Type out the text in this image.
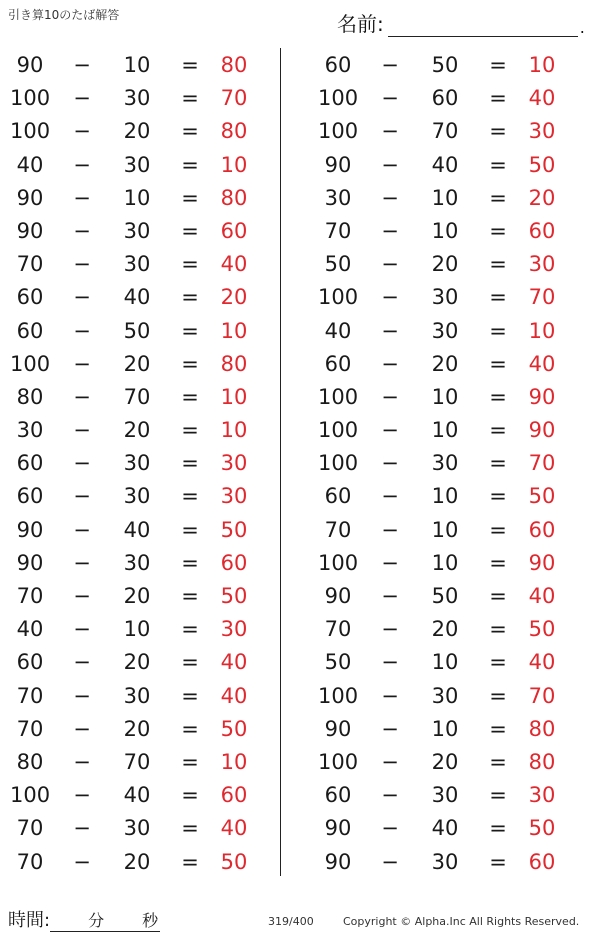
引き算10のたば解答	名前:	.
90	−	10	=	80
100 −	30	=	70
100 −	20	=	80
40	−	30	=	10
90	−	10	=	80
90	−	30	=	60
70	−	30	=	40
60	−	40	=	20
60	−	50	=	10
100 −	20	=	80
80	−	70	=	10
30	−	20	=	10
60	−	30	=	30
60	−	30	=	30
90	−	40	=	50
90	−	30	=	60
70	−	20	=	50
40	−	10	=	30
60	−	20	=	40
70	−	30	=	40
70	−	20	=	50
80	−	70	=	10
100 −	40	=	60
70	−	30	=	40
70	−	20	=	50
60	−	50	=	10
100 −	60	=	40
100 −	70	=	30
90	−	40	=	50
30	−	10	=	20
70	−	10	=	60
50	−	20	=	30
100 −	30	=	70
40	−	30	=	10
60	−	20	=	40
100 −	10	=	90
100 −	10	=	90
100 −	30	=	70
60	−	10	=	50
70	−	10	=	60
100 −	10	=	90
90	−	50	=	40
70	−	20	=	50
50	−	10	=	40
100 −	30	=	70
90	−	10	=	80
100 −	20	=	80
60	−	30	=	30
90	−	40	=	50
90	−	30	=	60
時間: 分 秒	319/400	Copyright © Alpha.Inc All Rights Reserved.
